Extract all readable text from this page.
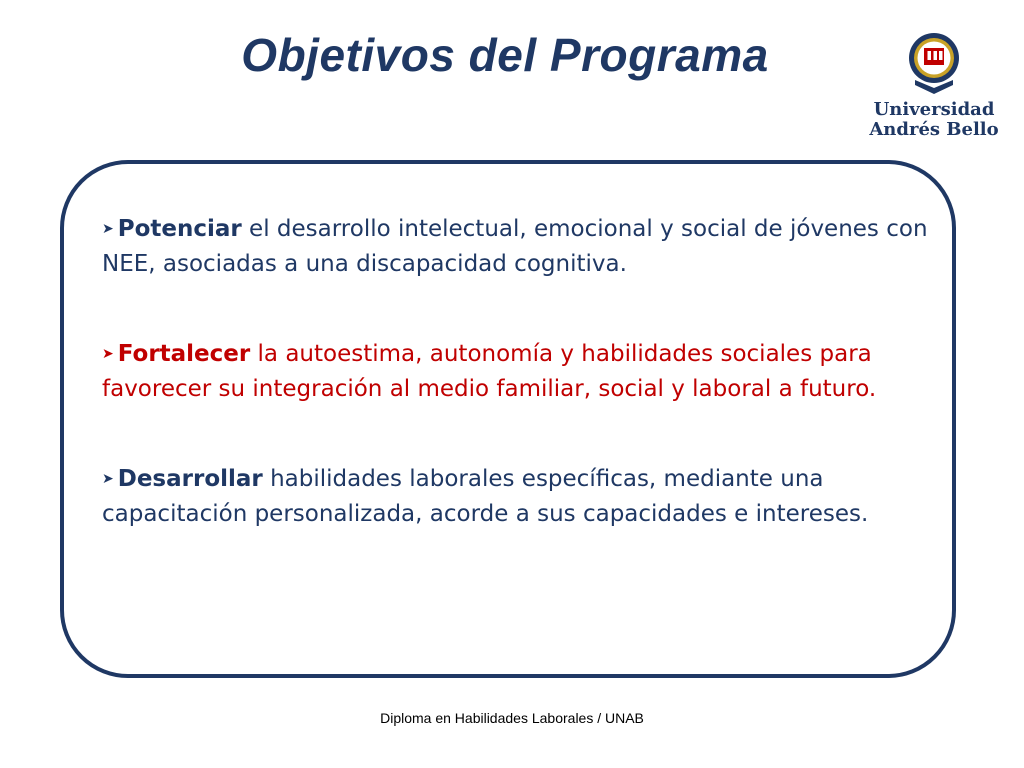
Objetivos del Programa
Universidad
Andrés Bello
➤ Potenciar el desarrollo intelectual, emocional y social de jóvenes con NEE, asociadas a una discapacidad cognitiva.
➤ Fortalecer la autoestima, autonomía y habilidades sociales para favorecer su integración al medio familiar, social y laboral a futuro.
➤ Desarrollar habilidades laborales específicas, mediante una capacitación personalizada, acorde a sus capacidades e intereses.
Diploma en Habilidades Laborales / UNAB
